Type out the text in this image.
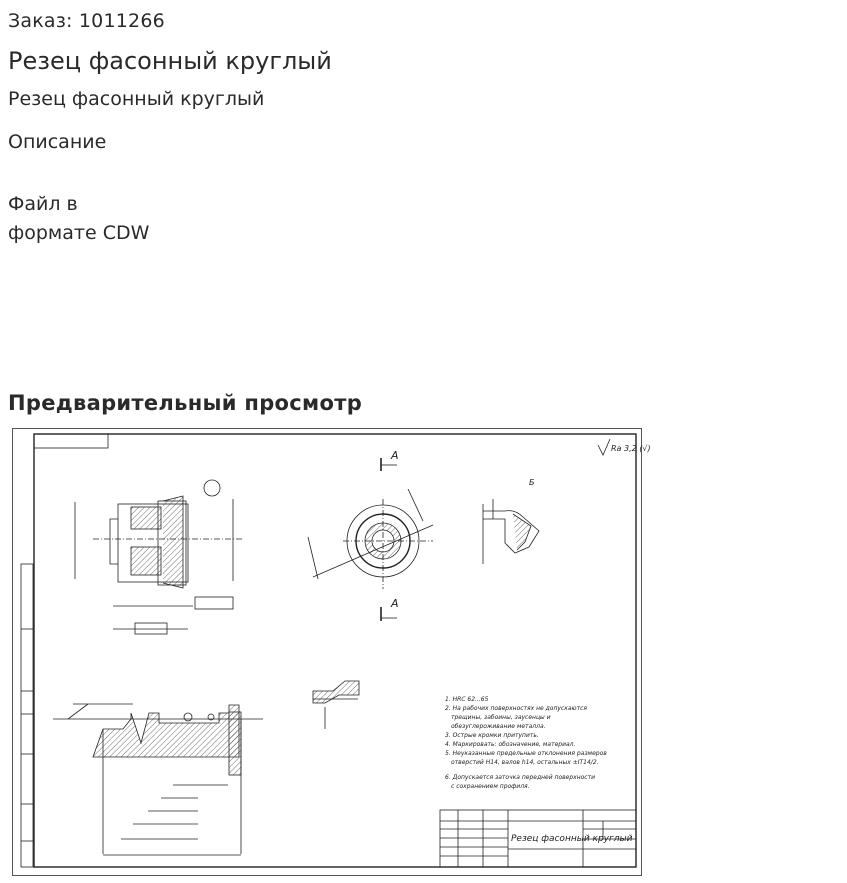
Заказ: 1011266
Резец фасонный круглый
Резец фасонный круглый
Описание
Файл в
формате CDW
Предварительный просмотр
Ra 3,2 (√)
А
А
Б
1. HRC 62...65
2. На рабочих поверхностях не допускаются
трещины, забоины, заусенцы и
обезуглероживание металла.
3. Острые кромки притупить.
4. Маркировать: обозначение, материал.
5. Неуказанные предельные отклонения размеров
отверстий H14, валов h14, остальных ±IT14/2.
6. Допускается заточка передней поверхности
с сохранением профиля.
Резец фасонный круглый
